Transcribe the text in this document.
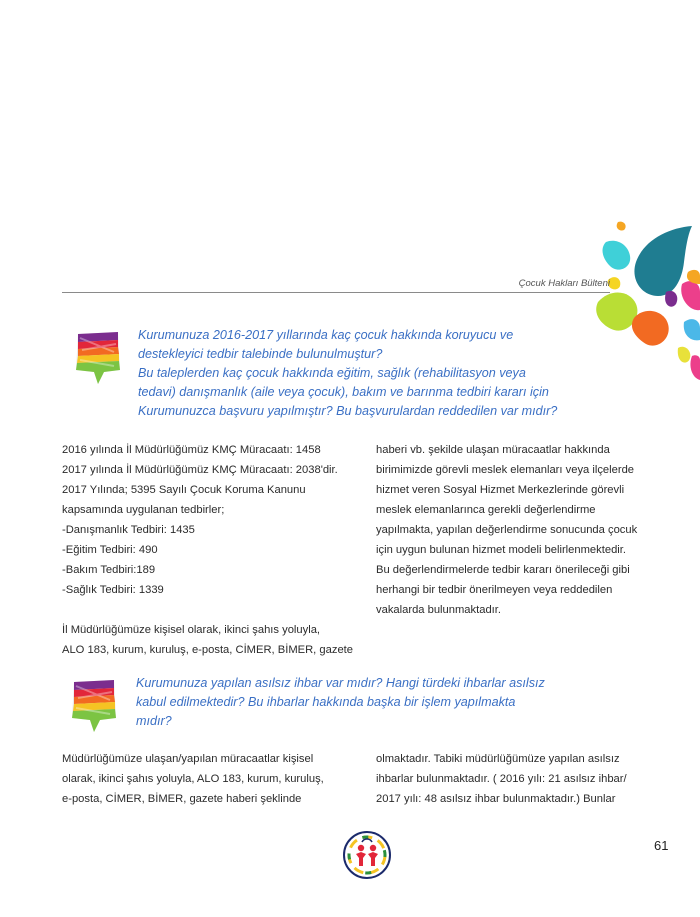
Çocuk Hakları Bülteni
Kurumunuza 2016-2017 yıllarında kaç çocuk hakkında koruyucu ve
destekleyici tedbir talebinde bulunulmuştur?
Bu taleplerden kaç çocuk hakkında eğitim, sağlık (rehabilitasyon veya
tedavi) danışmanlık (aile veya çocuk), bakım ve barınma tedbiri kararı için
Kurumunuzca başvuru yapılmıştır? Bu başvurulardan reddedilen var mıdır?
2016 yılında İl Müdürlüğümüz KMÇ Müracaatı: 1458
2017 yılında İl Müdürlüğümüz KMÇ Müracaatı: 2038'dir.
2017 Yılında; 5395 Sayılı Çocuk Koruma Kanunu
kapsamında uygulanan tedbirler;
-Danışmanlık Tedbiri: 1435
-Eğitim Tedbiri: 490
-Bakım Tedbiri:189
-Sağlık Tedbiri: 1339
İl Müdürlüğümüze kişisel olarak, ikinci şahıs yoluyla,
ALO 183, kurum, kuruluş, e-posta, CİMER, BİMER, gazete
haberi vb. şekilde ulaşan müracaatlar hakkında
birimimizde görevli meslek elemanları veya ilçelerde
hizmet veren Sosyal Hizmet Merkezlerinde görevli
meslek elemanlarınca gerekli değerlendirme
yapılmakta, yapılan değerlendirme sonucunda çocuk
için uygun bulunan hizmet modeli belirlenmektedir.
Bu değerlendirmelerde tedbir kararı önerileceği gibi
herhangi bir tedbir önerilmeyen veya reddedilen
vakalarda bulunmaktadır.
Kurumunuza yapılan asılsız ihbar var mıdır? Hangi türdeki ihbarlar asılsız
kabul edilmektedir? Bu ihbarlar hakkında başka bir işlem yapılmakta
mıdır?
Müdürlüğümüze ulaşan/yapılan müracaatlar kişisel
olarak, ikinci şahıs yoluyla, ALO 183, kurum, kuruluş,
e-posta, CİMER, BİMER, gazete haberi şeklinde
olmaktadır. Tabiki müdürlüğümüze yapılan asılsız
ihbarlar bulunmaktadır. ( 2016 yılı: 21 asılsız ihbar/
2017 yılı: 48 asılsız ihbar bulunmaktadır.) Bunlar
61
